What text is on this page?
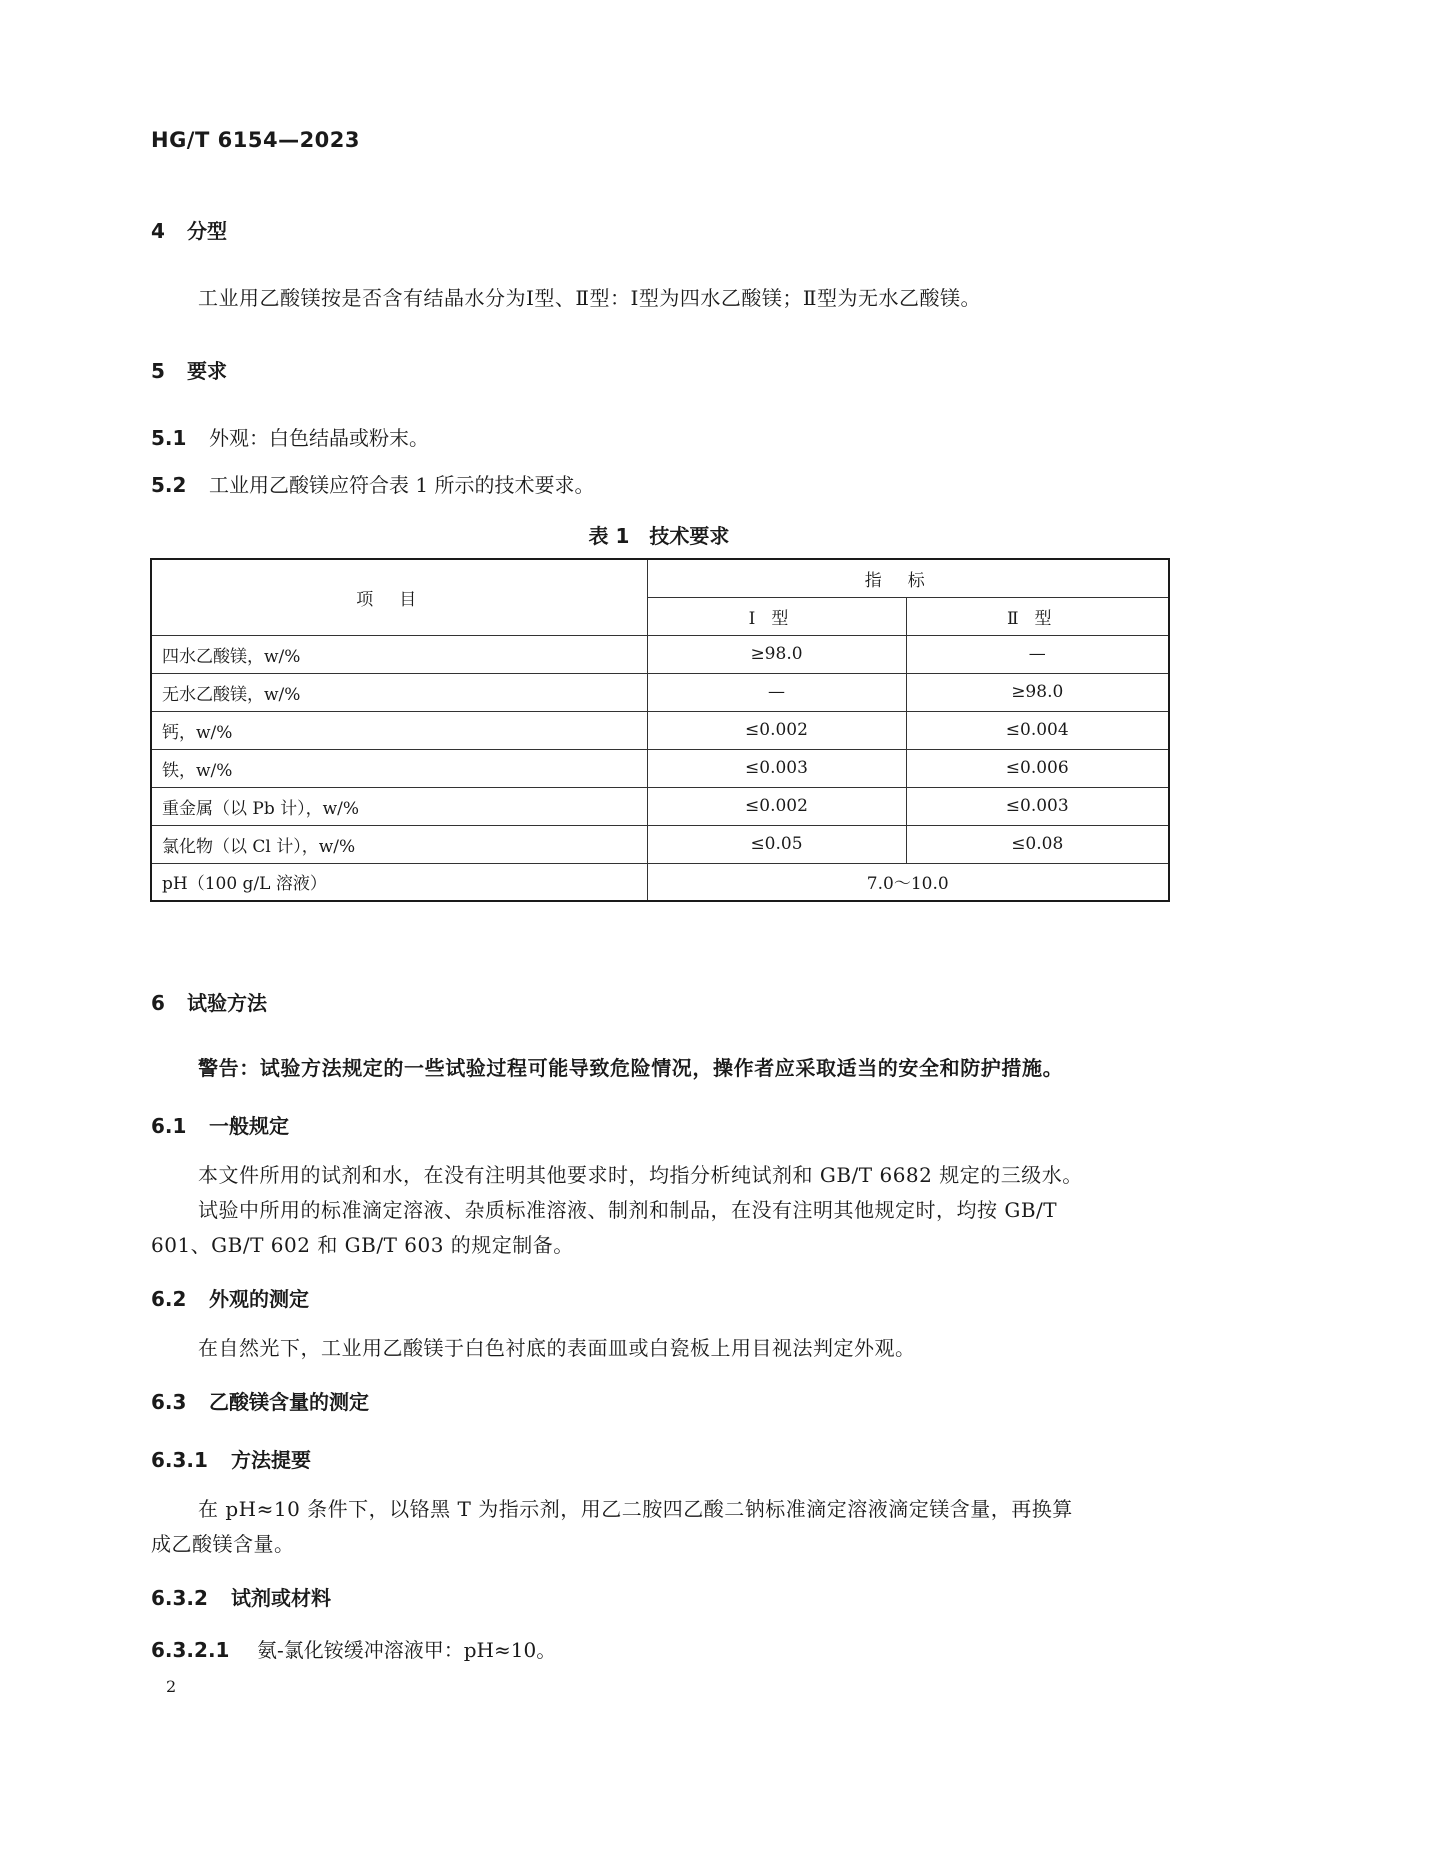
HG/T 6154—2023
4 分型
工业用乙酸镁按是否含有结晶水分为Ⅰ型、Ⅱ型：Ⅰ型为四水乙酸镁；Ⅱ型为无水乙酸镁。
5 要求
5.1 外观：白色结晶或粉末。
5.2 工业用乙酸镁应符合表 1 所示的技术要求。
表 1　技术要求
项目	指标	
	Ⅰ型	Ⅱ型
四水乙酸镁，w/%	≥98.0	—
无水乙酸镁，w/%	—	≥98.0
钙，w/%	≤0.002	≤0.004
铁，w/%	≤0.003	≤0.006
重金属（以 Pb 计），w/%	≤0.002	≤0.003
氯化物（以 Cl 计），w/%	≤0.05	≤0.08
pH（100 g/L 溶液）	7.0～10.0	
6 试验方法
警告：试验方法规定的一些试验过程可能导致危险情况，操作者应采取适当的安全和防护措施。
6.1 一般规定
本文件所用的试剂和水，在没有注明其他要求时，均指分析纯试剂和 GB/T 6682 规定的三级水。
试验中所用的标准滴定溶液、杂质标准溶液、制剂和制品，在没有注明其他规定时，均按 GB/T
601、GB/T 602 和 GB/T 603 的规定制备。
6.2 外观的测定
在自然光下，工业用乙酸镁于白色衬底的表面皿或白瓷板上用目视法判定外观。
6.3 乙酸镁含量的测定
6.3.1 方法提要
在 pH≈10 条件下，以铬黑 T 为指示剂，用乙二胺四乙酸二钠标准滴定溶液滴定镁含量，再换算
成乙酸镁含量。
6.3.2 试剂或材料
6.3.2.1 氨-氯化铵缓冲溶液甲：pH≈10。
2
